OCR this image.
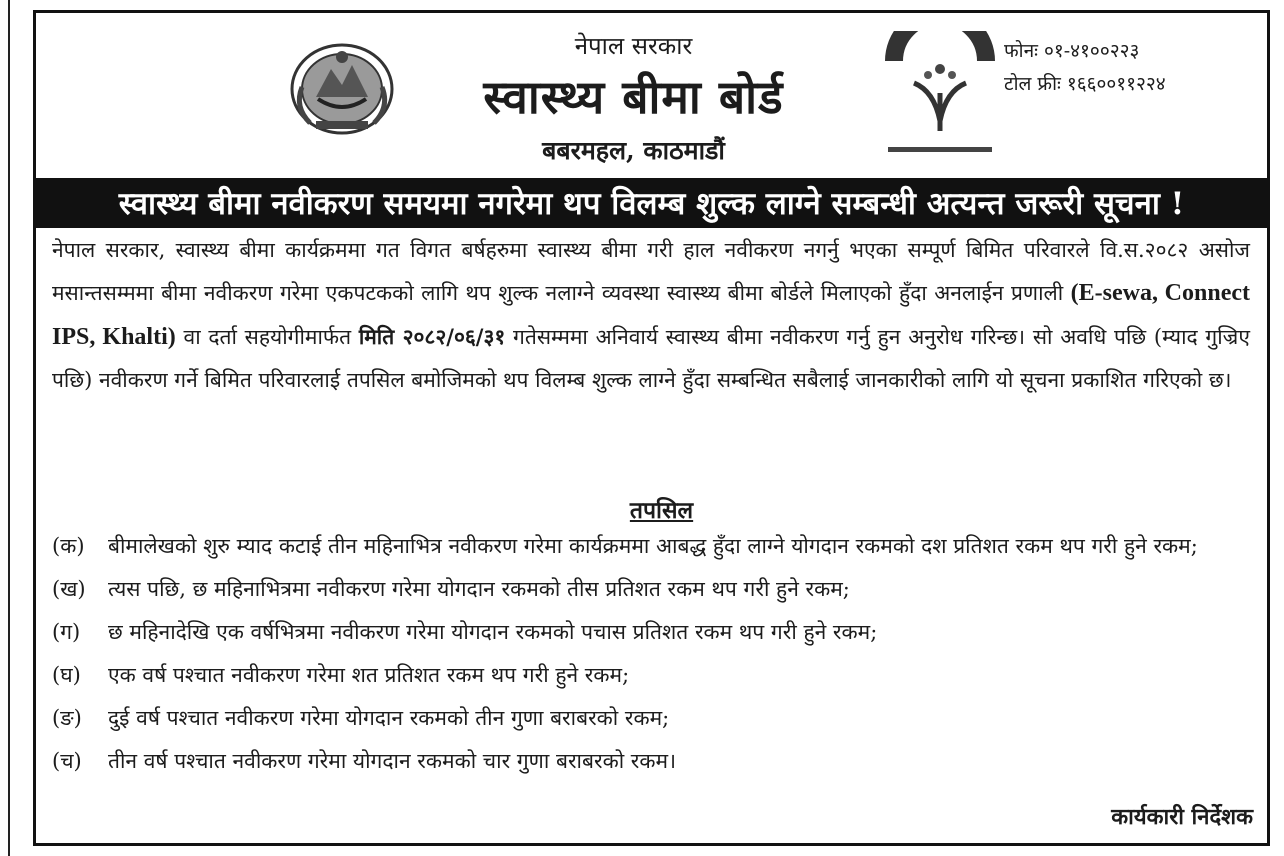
नेपाल सरकार
स्वास्थ्य बीमा बोर्ड
बबरमहल, काठमाडौं
सर्वसुलभ स्वास्थ्य बीमा फोनः ०१-४१००२२३
टोल फ्रीः १६६००११२२४
स्वास्थ्य बीमा नवीकरण समयमा नगरेमा थप विलम्ब शुल्क लाग्ने सम्बन्धी अत्यन्त जरूरी सूचना !
नेपाल सरकार, स्वास्थ्य बीमा कार्यक्रममा गत विगत बर्षहरुमा स्वास्थ्य बीमा गरी हाल नवीकरण नगर्नु भएका सम्पूर्ण बिमित परिवारले वि.स.२०८२ असोज मसान्तसम्ममा बीमा नवीकरण गरेमा एकपटकको लागि थप शुल्क नलाग्ने व्यवस्था स्वास्थ्य बीमा बोर्डले मिलाएको हुँदा अनलाईन प्रणाली (E-sewa, Connect IPS, Khalti) वा दर्ता सहयोगीमार्फत मिति २०८२/०६/३१ गतेसम्ममा अनिवार्य स्वास्थ्य बीमा नवीकरण गर्नु हुन अनुरोध गरिन्छ। सो अवधि पछि (म्याद गुज्रिए पछि) नवीकरण गर्ने बिमित परिवारलाई तपसिल बमोजिमको थप विलम्ब शुल्क लाग्ने हुँदा सम्बन्धित सबैलाई जानकारीको लागि यो सूचना प्रकाशित गरिएको छ।
तपसिल
(क)	बीमालेखको शुरु म्याद कटाई तीन महिनाभित्र नवीकरण गरेमा कार्यक्रममा आबद्ध हुँदा लाग्ने योगदान रकमको दश प्रतिशत रकम थप गरी हुने रकम;
(ख)	त्यस पछि, छ महिनाभित्रमा नवीकरण गरेमा योगदान रकमको तीस प्रतिशत रकम थप गरी हुने रकम;
(ग)	छ महिनादेखि एक वर्षभित्रमा नवीकरण गरेमा योगदान रकमको पचास प्रतिशत रकम थप गरी हुने रकम;
(घ)	एक वर्ष पश्चात नवीकरण गरेमा शत प्रतिशत रकम थप गरी हुने रकम;
(ङ)	दुई वर्ष पश्चात नवीकरण गरेमा योगदान रकमको तीन गुणा बराबरको रकम;
(च)	तीन वर्ष पश्चात नवीकरण गरेमा योगदान रकमको चार गुणा बराबरको रकम।
कार्यकारी निर्देशक
